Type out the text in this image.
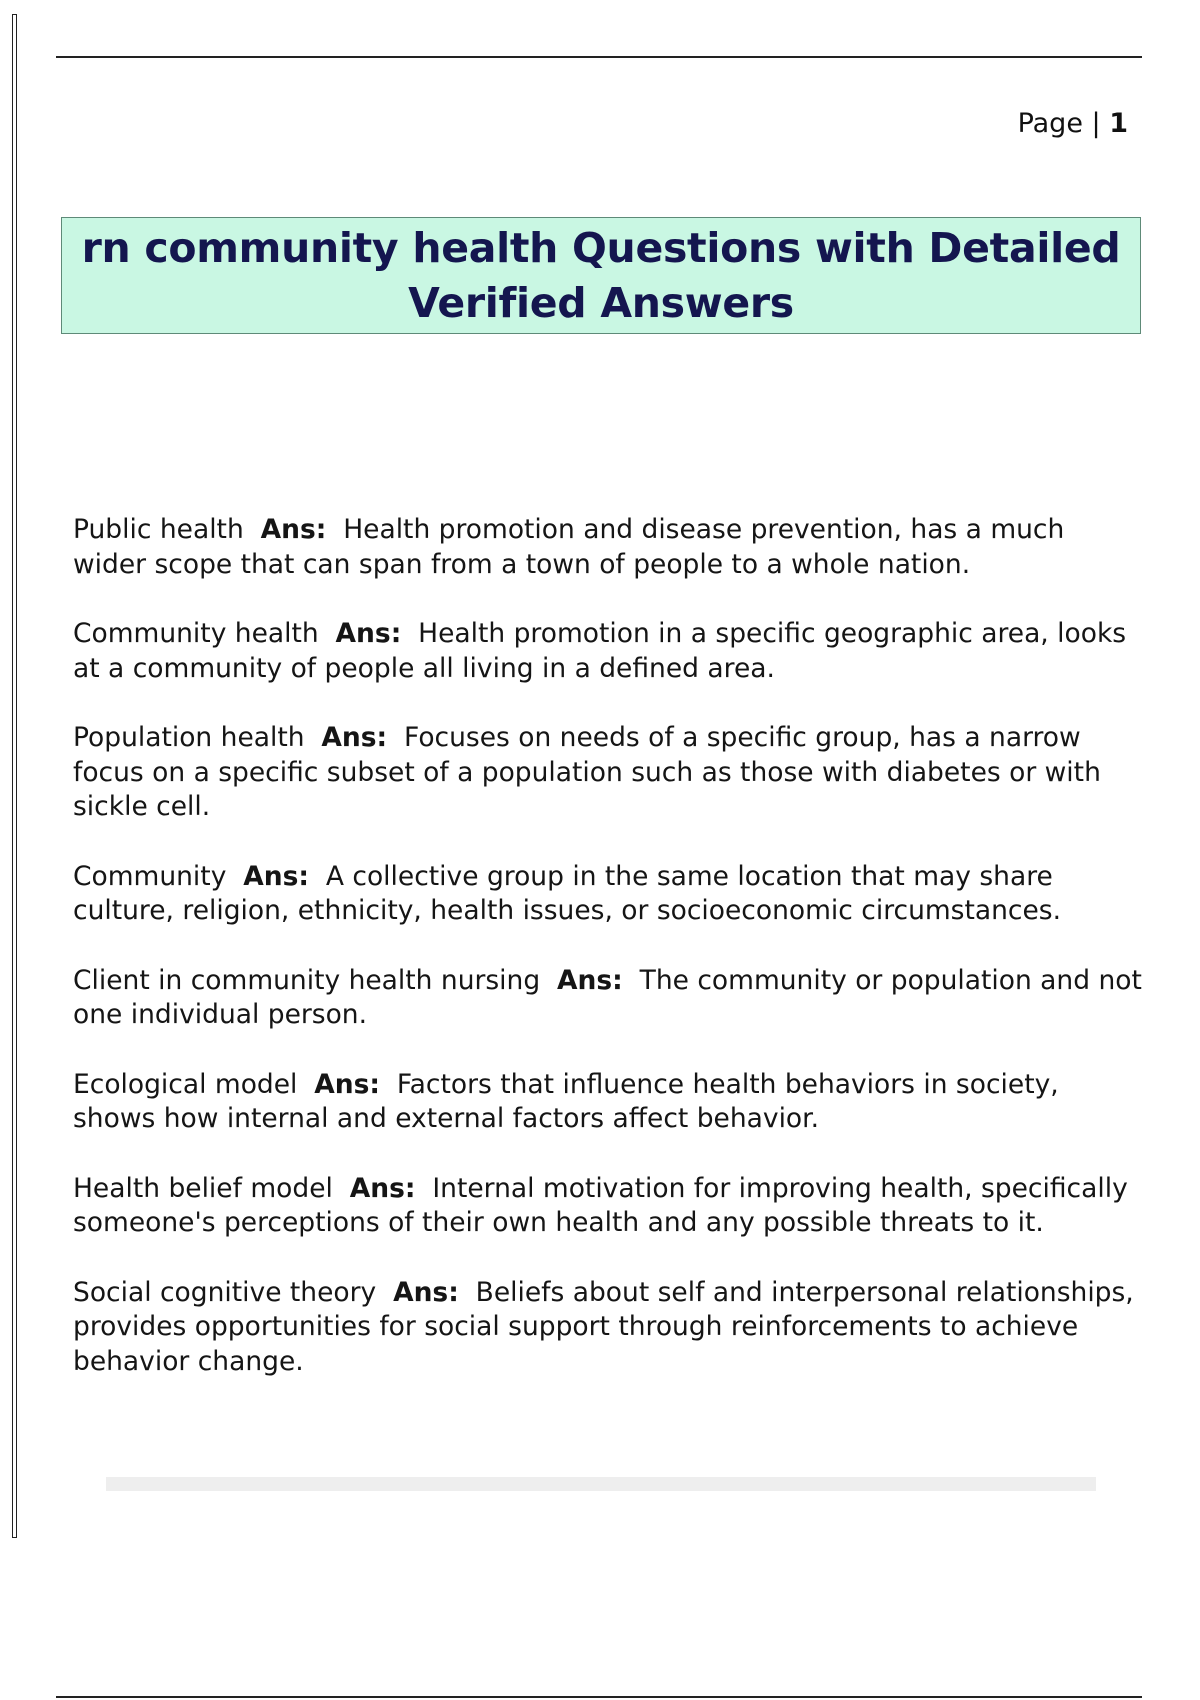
Page | 1
rn community health Questions with Detailed
Verified Answers

Public health Ans: Health promotion and disease prevention, has a much wider scope that can span from a town of people to a whole nation.

Community health Ans: Health promotion in a specific geographic area, looks at a community of people all living in a defined area.

Population health Ans: Focuses on needs of a specific group, has a narrow focus on a specific subset of a population such as those with diabetes or with sickle cell.

Community Ans: A collective group in the same location that may share culture, religion, ethnicity, health issues, or socioeconomic circumstances.

Client in community health nursing Ans: The community or population and not one individual person.

Ecological model Ans: Factors that influence health behaviors in society, shows how internal and external factors affect behavior.

Health belief model Ans: Internal motivation for improving health, specifically someone's perceptions of their own health and any possible threats to it.

Social cognitive theory Ans: Beliefs about self and interpersonal relationships, provides opportunities for social support through reinforcements to achieve behavior change.
